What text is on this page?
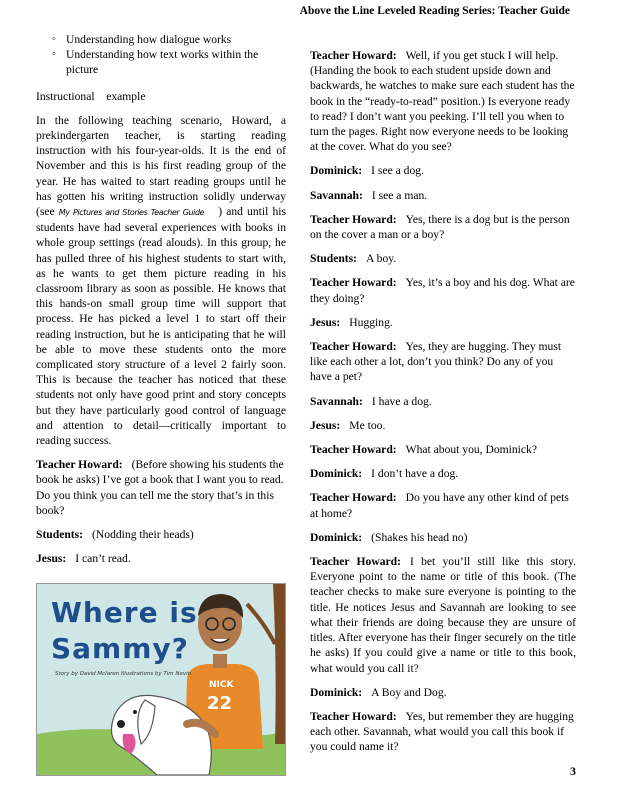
Above the Line Leveled Reading Series: Teacher Guide
◦ Understanding how dialogue works
◦ Understanding how text works within the picture

Instructional    example

In the following teaching scenario, Howard, a prekindergarten teacher, is starting reading instruction with his four-year-olds. It is the end of November and this is his first reading group of the year. He has waited to start reading groups until he has gotten his writing instruction solidly underway (see My Pictures and Stories Teacher Guide ) and until his students have had several experiences with books in whole group settings (read alouds). In this group, he has pulled three of his highest students to start with, as he wants to get them picture reading in his classroom library as soon as possible. He knows that this hands-on small group time will support that process. He has picked a level 1 to start off their reading instruction, but he is anticipating that he will be able to move these students onto the more complicated story structure of a level 2 fairly soon. This is because the teacher has noticed that these students not only have good print and story concepts but they have particularly good control of language and attention to detail—critically important to reading success.

Teacher Howard: (Before showing his students the book he asks) I’ve got a book that I want you to read. Do you think you can tell me the story that’s in this book?

Students: (Nodding their heads)

Jesus: I can’t read.

NICK
22
Where is
Sammy?
Story by David Mclaren Illustrations by Tim Nevin

Teacher Howard: Well, if you get stuck I will help. (Handing the book to each student upside down and backwards, he watches to make sure each student has the book in the “ready-to-read” position.) Is everyone ready to read? I don’t want you peeking. I’ll tell you when to turn the pages. Right now everyone needs to be looking at the cover. What do you see?

Dominick: I see a dog.

Savannah: I see a man.

Teacher Howard: Yes, there is a dog but is the person on the cover a man or a boy?

Students: A boy.

Teacher Howard: Yes, it’s a boy and his dog. What are they doing?

Jesus: Hugging.

Teacher Howard: Yes, they are hugging. They must like each other a lot, don’t you think? Do any of you have a pet?

Savannah: I have a dog.

Jesus: Me too.

Teacher Howard: What about you, Dominick?

Dominick: I don’t have a dog.

Teacher Howard: Do you have any other kind of pets at home?

Dominick: (Shakes his head no)

Teacher Howard: I bet you’ll still like this story. Everyone point to the name or title of this book. (The teacher checks to make sure everyone is pointing to the title. He notices Jesus and Savannah are looking to see what their friends are doing because they are unsure of titles. After everyone has their finger securely on the title he asks) If you could give a name or title to this book, what would you call it?

Dominick: A Boy and Dog.

Teacher Howard: Yes, but remember they are hugging each other. Savannah, what would you call this book if you could name it?

3
